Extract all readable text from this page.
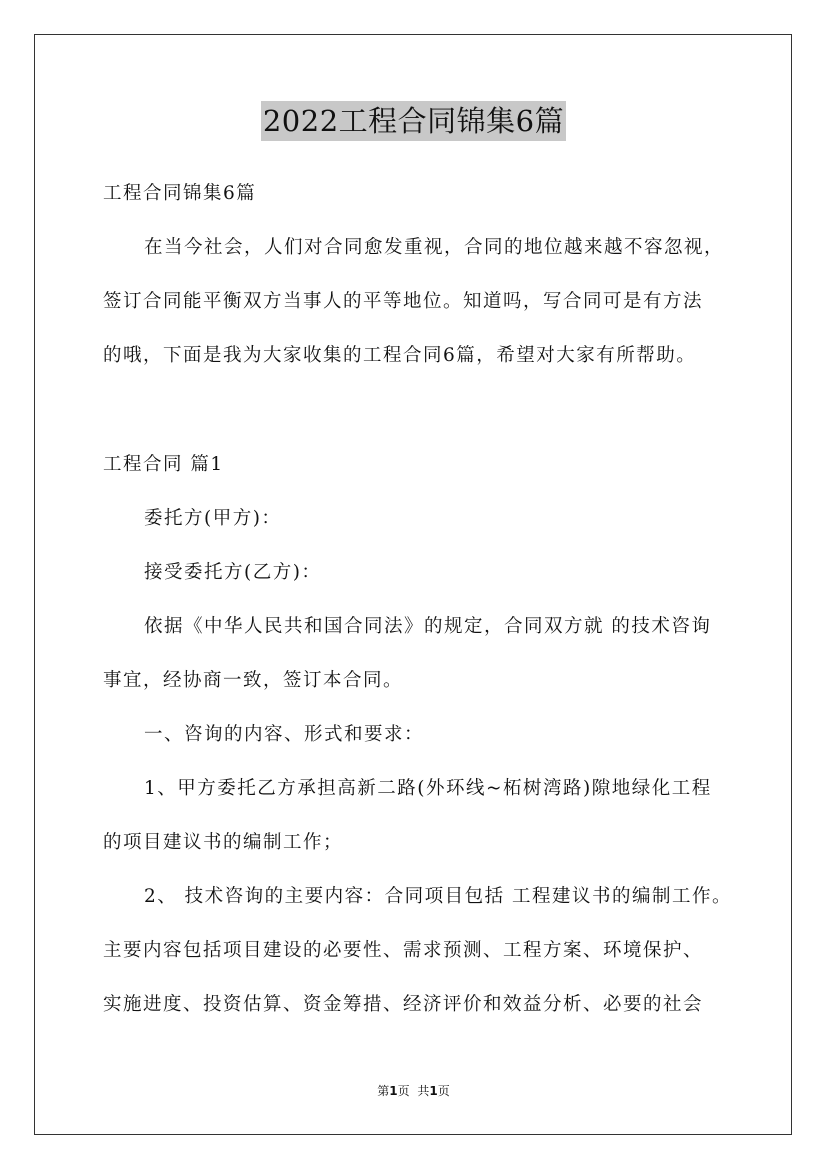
2022工程合同锦集6篇
工程合同锦集6篇
在当今社会，人们对合同愈发重视，合同的地位越来越不容忽视，
签订合同能平衡双方当事人的平等地位。知道吗，写合同可是有方法
的哦，下面是我为大家收集的工程合同6篇，希望对大家有所帮助。
工程合同 篇1
委托方(甲方)：
接受委托方(乙方)：
依据《中华人民共和国合同法》的规定，合同双方就 的技术咨询
事宜，经协商一致，签订本合同。
一、咨询的内容、形式和要求：
1、甲方委托乙方承担高新二路(外环线~柘树湾路)隙地绿化工程
的项目建议书的编制工作；
2、 技术咨询的主要内容：合同项目包括 工程建议书的编制工作。
主要内容包括项目建设的必要性、需求预测、工程方案、环境保护、
实施进度、投资估算、资金筹措、经济评价和效益分析、必要的社会
第1页 共1页
